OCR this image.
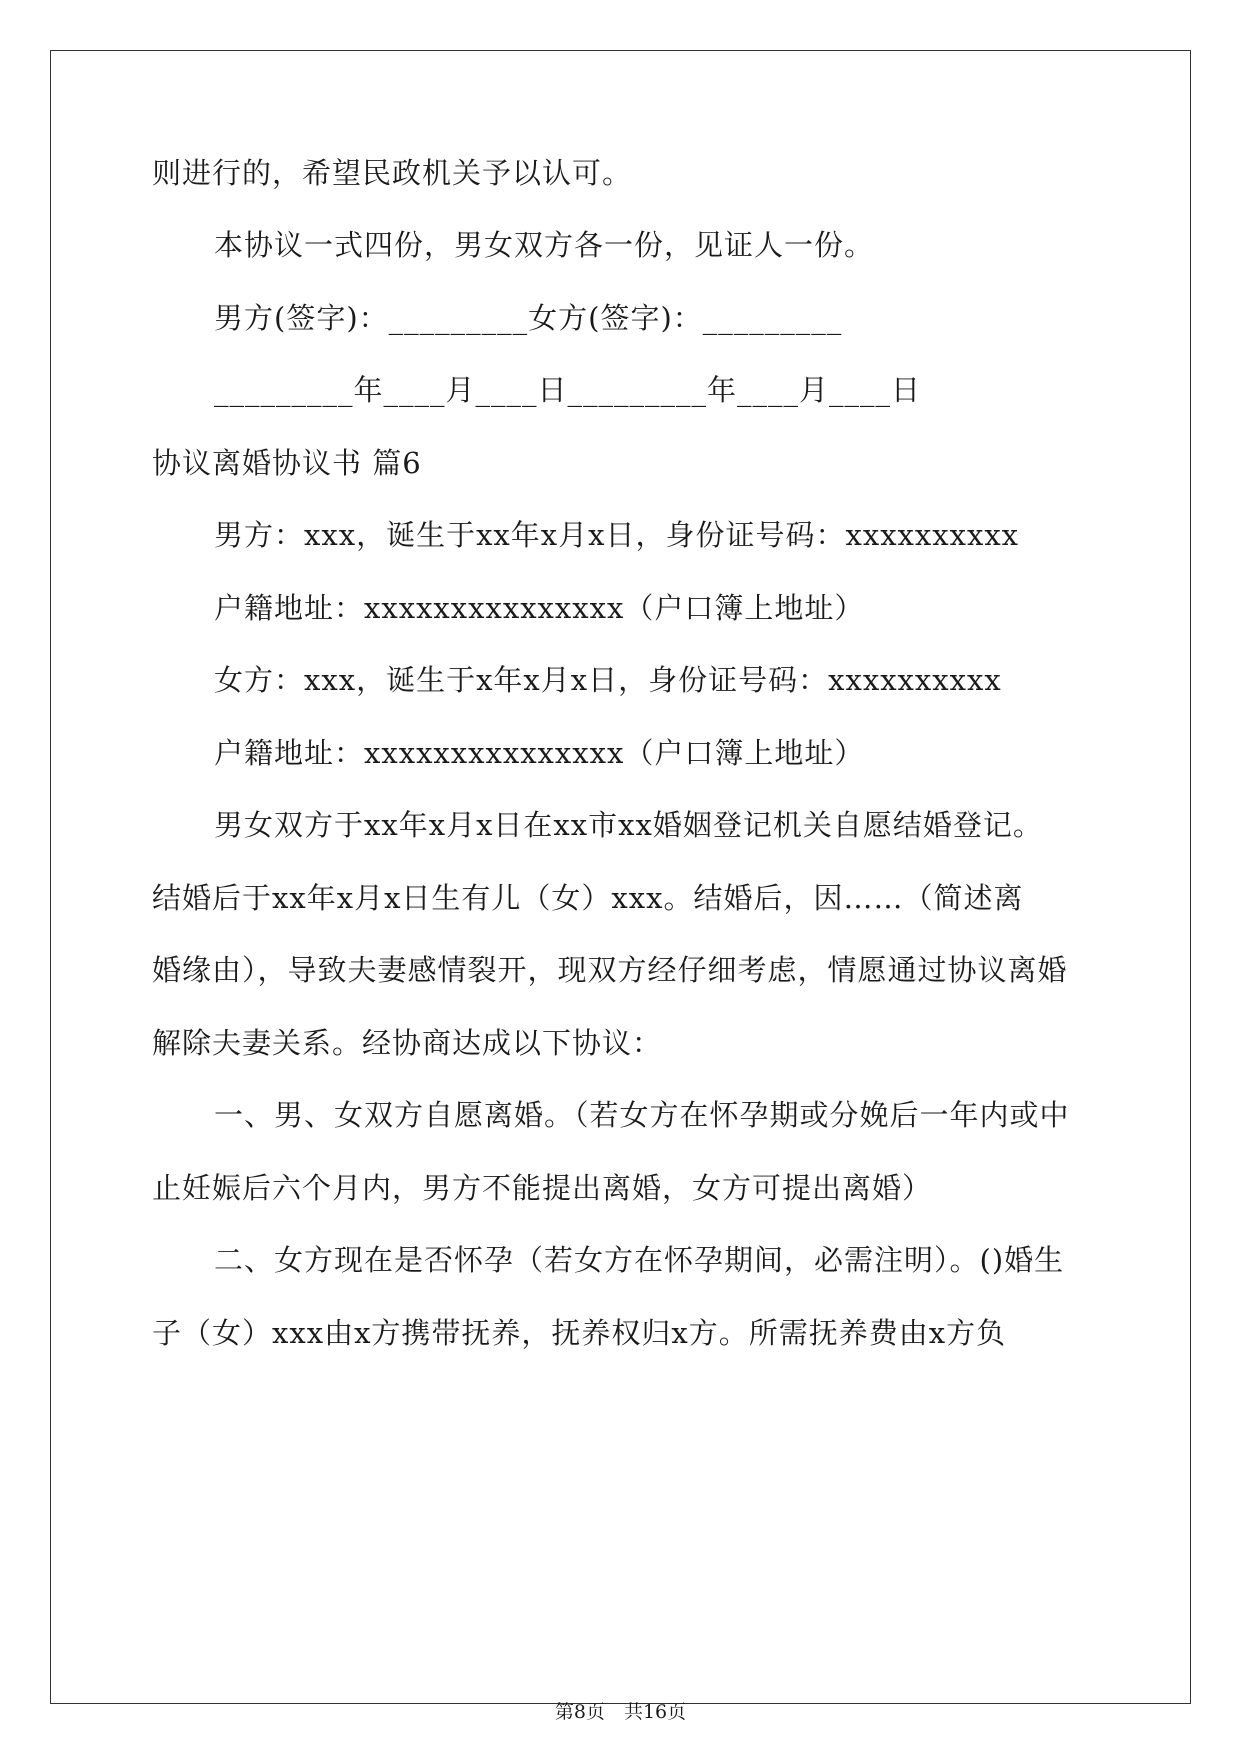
则进行的，希望民政机关予以认可。
本协议一式四份，男女双方各一份，见证人一份。
男方(签字)：_________女方(签字)：_________
_________年____月____日_________年____月____日
协议离婚协议书 篇6
男方：xxx，诞生于xx年x月x日，身份证号码：xxxxxxxxxx
户籍地址：xxxxxxxxxxxxxxx（户口簿上地址）
女方：xxx，诞生于x年x月x日，身份证号码：xxxxxxxxxx
户籍地址：xxxxxxxxxxxxxxx（户口簿上地址）
男女双方于xx年x月x日在xx市xx婚姻登记机关自愿结婚登记。
结婚后于xx年x月x日生有儿（女）xxx。结婚后，因……（简述离
婚缘由），导致夫妻感情裂开，现双方经仔细考虑，情愿通过协议离婚
解除夫妻关系。经协商达成以下协议：
一、男、女双方自愿离婚。（若女方在怀孕期或分娩后一年内或中
止妊娠后六个月内，男方不能提出离婚，女方可提出离婚）
二、女方现在是否怀孕（若女方在怀孕期间，必需注明）。()婚生
子（女）xxx由x方携带抚养，抚养权归x方。所需抚养费由x方负
第8页　共16页
